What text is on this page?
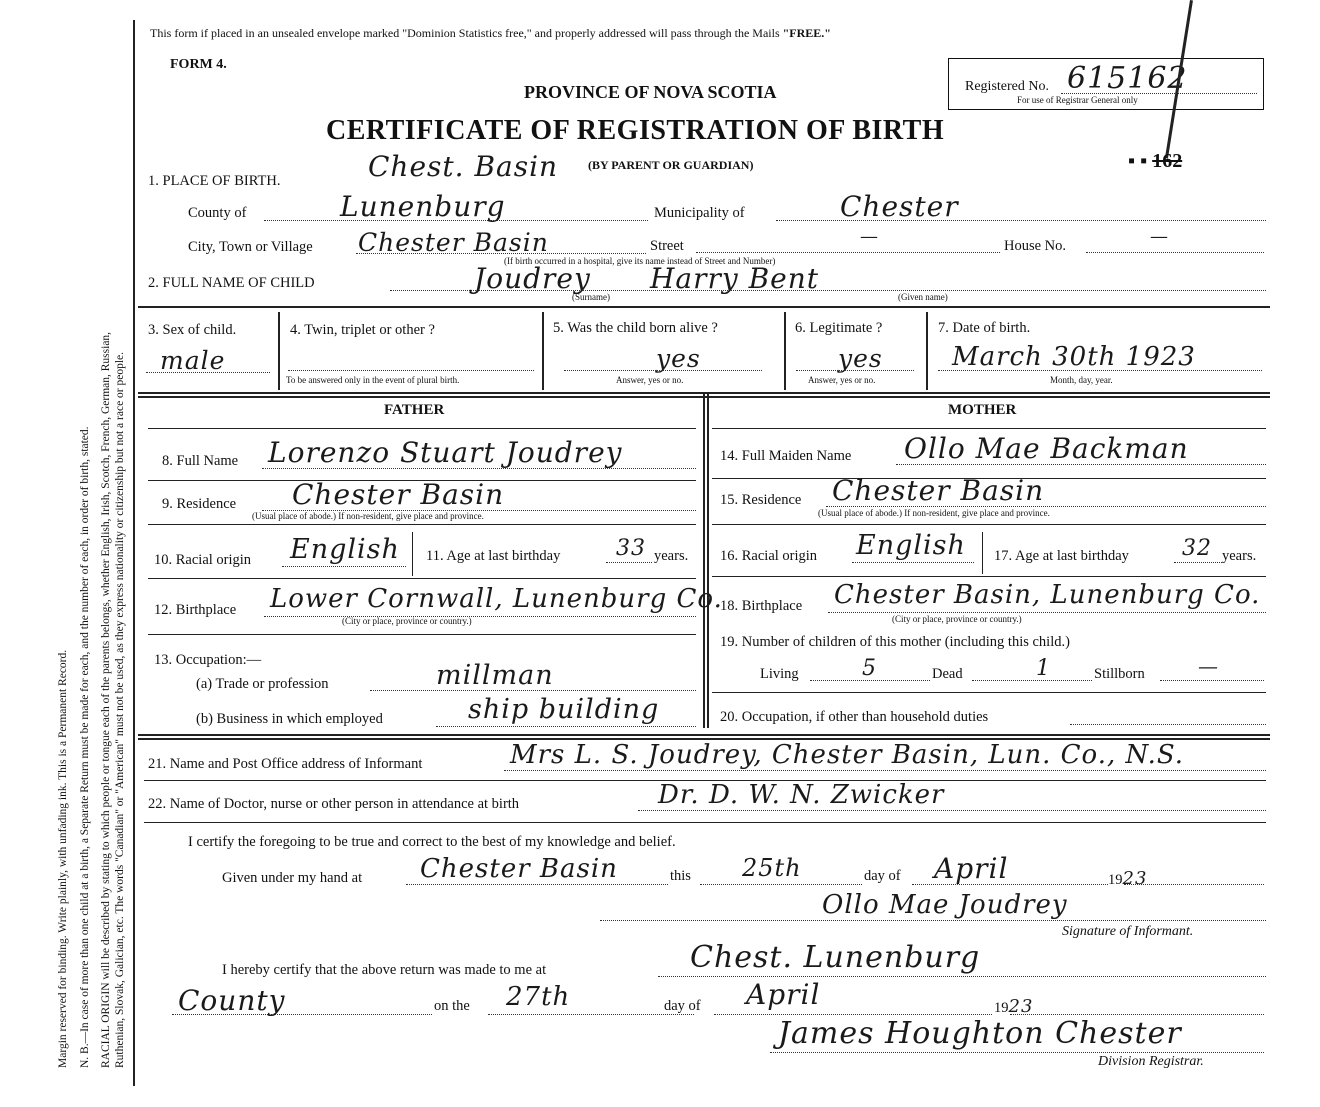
Margin reserved for binding. Write plainly, with unfading ink. This is a Permanent Record. N. B.—In case of more than one child at a birth, a Separate Return must be made for each, and the number of each, in order of birth, stated. RACIAL ORIGIN will be described by stating to which people or tongue each of the parents belongs, whether English, Irish, Scotch, French, German, Russian, Ruthenian, Slovak, Galician, etc. The words "Canadian" or "American" must not be used, as they express nationality or citizenship but not a race or people.
This form if placed in an unsealed envelope marked "Dominion Statistics free," and properly addressed will pass through the Mails "FREE."
FORM 4.
PROVINCE OF NOVA SCOTIA
CERTIFICATE OF REGISTRATION OF BIRTH
Registered No. 615162
For use of Registrar General only
▪ ▪ 162
Chest. Basin (BY PARENT OR GUARDIAN)
1. PLACE OF BIRTH.
County of	Lunenburg	Municipality of	Chester
City, Town or Village Chester Basin	Street	—	House No.	—
(If birth occurred in a hospital, give its name instead of Street and Number)
2. FULL NAME OF CHILD	Joudrey Harry Bent
(Surname)	(Given name)
3. Sex of child.
male
4. Twin, triplet or other ?
To be answered only in the event of plural birth.
5. Was the child born alive ?
yes
Answer, yes or no.
6. Legitimate ?
yes
Answer, yes or no.
7. Date of birth.
March 30th 1923
Month, day, year.
FATHER	MOTHER
8. Full Name Lorenzo Stuart Joudrey
9. Residence Chester Basin
(Usual place of abode.) If non-resident, give place and province.
10. Racial origin English 11. Age at last birthday	33 years.
12. Birthplace Lower Cornwall, Lunenburg Co.
(City or place, province or country.)
13. Occupation:—
(a) Trade or profession	millman
(b) Business in which employed	ship building
14. Full Maiden Name Ollo Mae Backman
15. Residence Chester Basin
(Usual place of abode.) If non-resident, give place and province.
16. Racial origin English 17. Age at last birthday 32 years.
18. Birthplace Chester Basin, Lunenburg Co.
(City or place, province or country.)
19. Number of children of this mother (including this child.)
Living	5	Dead	1	Stillborn	—
20. Occupation, if other than household duties
21. Name and Post Office address of Informant	Mrs L. S. Joudrey, Chester Basin, Lun. Co., N.S.
22. Name of Doctor, nurse or other person in attendance at birth	Dr. D. W. N. Zwicker
I certify the foregoing to be true and correct to the best of my knowledge and belief.
Given under my hand at Chester Basin	this 25th	day of April	1923
Ollo Mae Joudrey
Signature of Informant.
I hereby certify that the above return was made to me at	Chest. Lunenburg
County	on the 27th	day of April	1923
James Houghton Chester
Division Registrar.
